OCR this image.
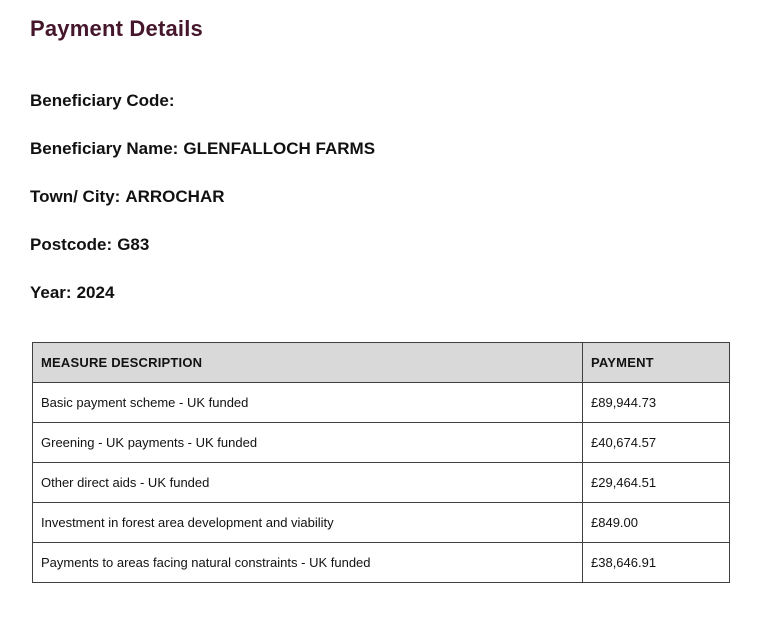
Payment Details
Beneficiary Code:
Beneficiary Name: GLENFALLOCH FARMS
Town/ City: ARROCHAR
Postcode: G83
Year: 2024
MEASURE DESCRIPTION	PAYMENT
Basic payment scheme - UK funded	£89,944.73
Greening - UK payments - UK funded	£40,674.57
Other direct aids - UK funded	£29,464.51
Investment in forest area development and viability	£849.00
Payments to areas facing natural constraints - UK funded	£38,646.91
